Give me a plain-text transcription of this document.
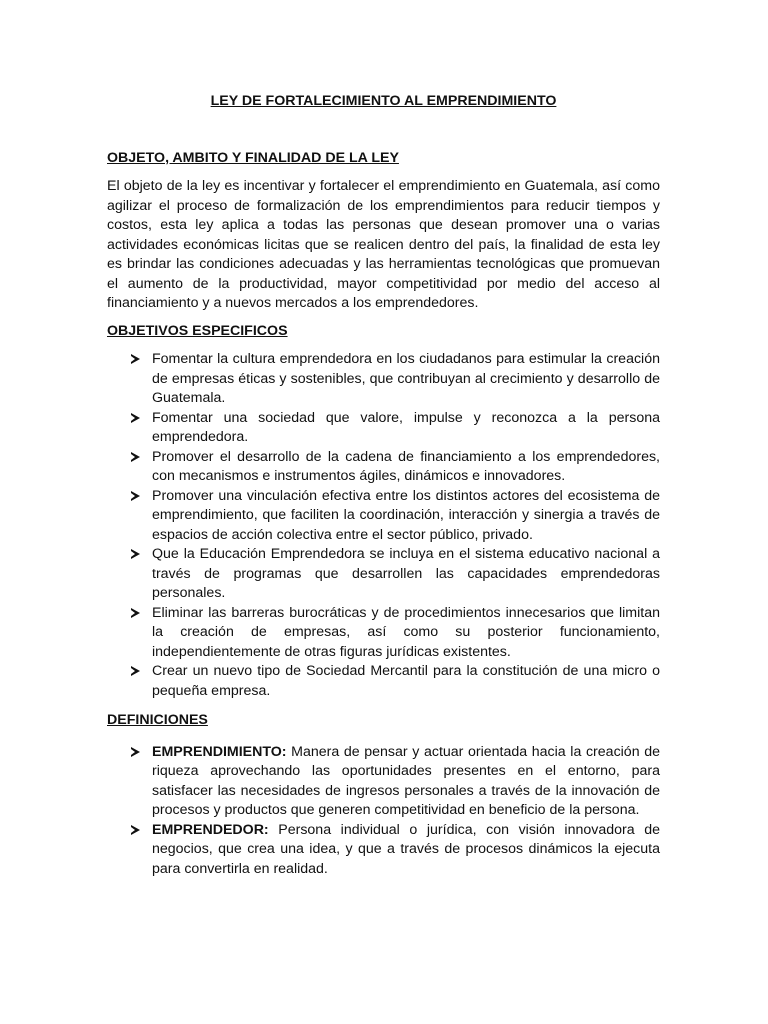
LEY DE FORTALECIMIENTO AL EMPRENDIMIENTO

OBJETO, AMBITO Y FINALIDAD DE LA LEY

El objeto de la ley es incentivar y fortalecer el emprendimiento en Guatemala, así como agilizar el proceso de formalización de los emprendimientos para reducir tiempos y costos, esta ley aplica a todas las personas que desean promover una o varias actividades económicas licitas que se realicen dentro del país, la finalidad de esta ley es brindar las condiciones adecuadas y las herramientas tecnológicas que promuevan el aumento de la productividad, mayor competitividad por medio del acceso al financiamiento y a nuevos mercados a los emprendedores.

OBJETIVOS ESPECIFICOS

Fomentar la cultura emprendedora en los ciudadanos para estimular la creación de empresas éticas y sostenibles, que contribuyan al crecimiento y desarrollo de Guatemala.
Fomentar una sociedad que valore, impulse y reconozca a la persona emprendedora.
Promover el desarrollo de la cadena de financiamiento a los emprendedores, con mecanismos e instrumentos ágiles, dinámicos e innovadores.
Promover una vinculación efectiva entre los distintos actores del ecosistema de emprendimiento, que faciliten la coordinación, interacción y sinergia a través de espacios de acción colectiva entre el sector público, privado.
Que la Educación Emprendedora se incluya en el sistema educativo nacional a través de programas que desarrollen las capacidades emprendedoras personales.
Eliminar las barreras burocráticas y de procedimientos innecesarios que limitan la creación de empresas, así como su posterior funcionamiento, independientemente de otras figuras jurídicas existentes.
Crear un nuevo tipo de Sociedad Mercantil para la constitución de una micro o pequeña empresa.

DEFINICIONES

EMPRENDIMIENTO: Manera de pensar y actuar orientada hacia la creación de riqueza aprovechando las oportunidades presentes en el entorno, para satisfacer las necesidades de ingresos personales a través de la innovación de procesos y productos que generen competitividad en beneficio de la persona.
EMPRENDEDOR: Persona individual o jurídica, con visión innovadora de negocios, que crea una idea, y que a través de procesos dinámicos la ejecuta para convertirla en realidad.
